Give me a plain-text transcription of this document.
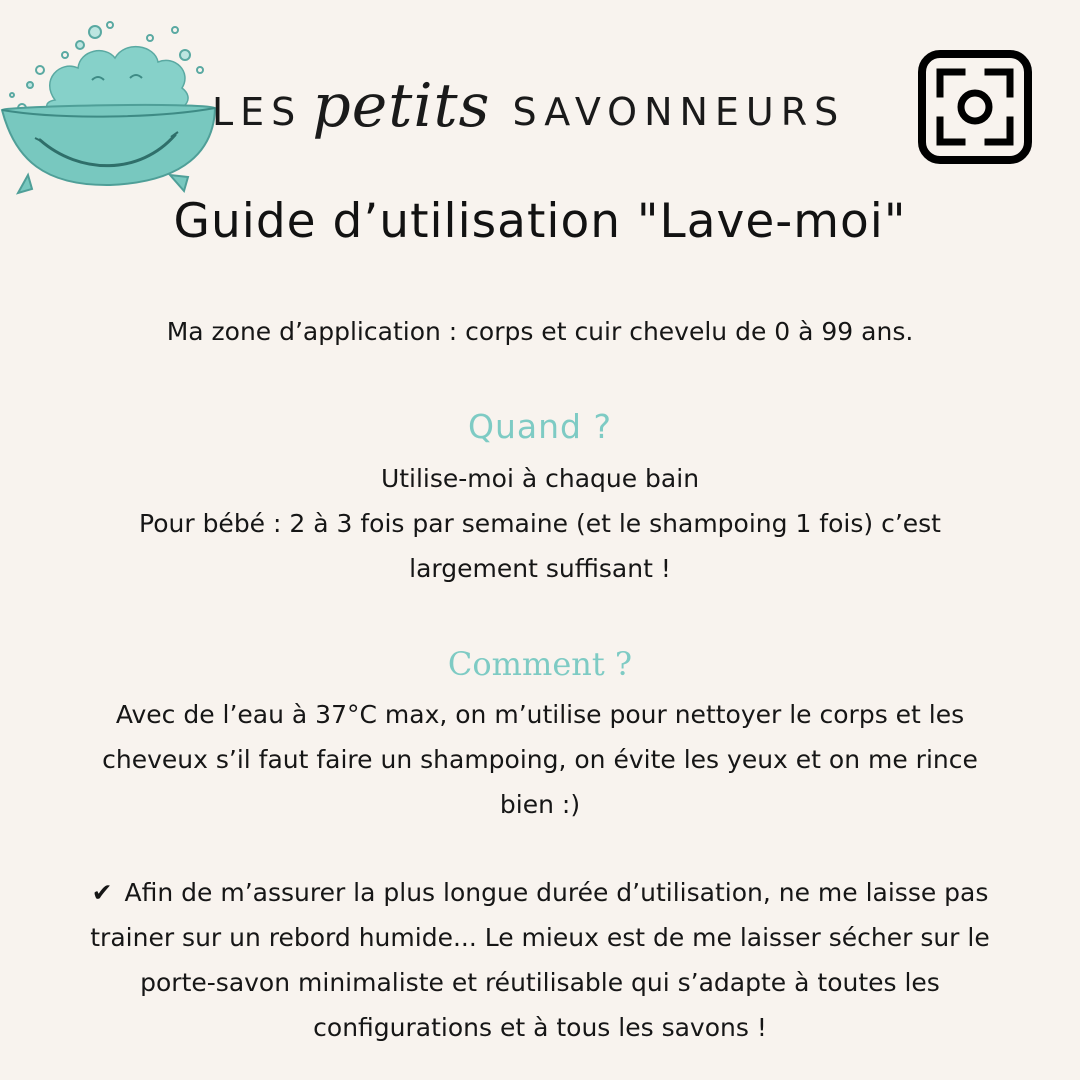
LES petits SAVONNEURS
Guide d’utilisation "Lave-moi"
Ma zone d’application : corps et cuir chevelu de 0 à 99 ans.
Quand ?
Utilise-moi à chaque bain
Pour bébé : 2 à 3 fois par semaine (et le shampoing 1 fois) c’est
largement suffisant !
Comment ?
Avec de l’eau à 37°C max, on m’utilise pour nettoyer le corps et les
cheveux s’il faut faire un shampoing, on évite les yeux et on me rince
bien :)
✔ Afin de m’assurer la plus longue durée d’utilisation, ne me laisse pas
trainer sur un rebord humide... Le mieux est de me laisser sécher sur le
porte-savon minimaliste et réutilisable qui s’adapte à toutes les
configurations et à tous les savons !
